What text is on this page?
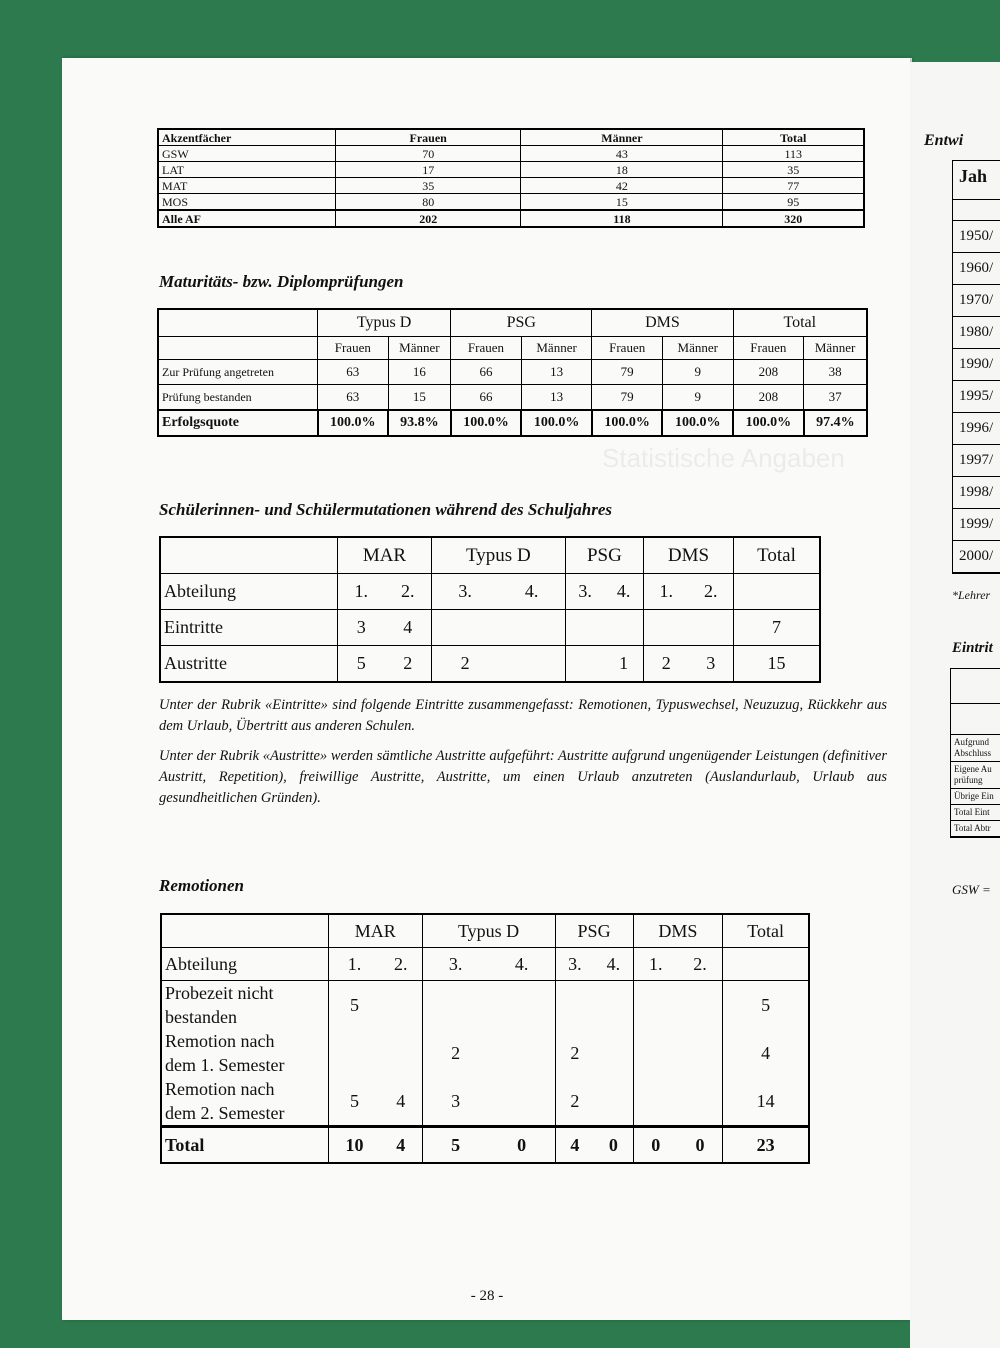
Statistische Angaben
Akzentfächer	Frauen	Männer	Total
GSW	70	43	113
LAT	17	18	35
MAT	35	42	77
MOS	80	15	95
Alle AF	202	118	320
Maturitäts- bzw. Diplomprüfungen
	Typus D		PSG		DMS		Total	
	Frauen	Männer	Frauen	Männer	Frauen	Männer	Frauen	Männer
Zur Prüfung angetreten	63	16	66	13	79	9	208	38
Prüfung bestanden	63	15	66	13	79	9	208	37
Erfolgsquote	100.0%	93.8%	100.0%	100.0%	100.0%	100.0%	100.0%	97.4%
Schülerinnen- und Schülermutationen während des Schuljahres
	MAR		Typus D		PSG		DMS		Total
Abteilung	1.	2.	3.	4.	3.	4.	1.	2.	
Eintritte	3	4							7
Austritte	5	2	2			1	2	3	15

Unter der Rubrik «Eintritte» sind folgende Eintritte zusammengefasst: Remotionen, Typuswechsel, Neuzuzug, Rückkehr aus dem Urlaub, Übertritt aus anderen Schulen.

Unter der Rubrik «Austritte» werden sämtliche Austritte aufgeführt: Austritte aufgrund ungenügender Leistungen (definitiver Austritt, Repetition), freiwillige Austritte, Austritte, um einen Urlaub anzutreten (Auslandurlaub, Urlaub aus gesundheitlichen Gründen).

Remotionen
	MAR		Typus D		PSG		DMS		Total
Abteilung	1.	2.	3.	4.	3.	4.	1.	2.	

Probezeit nicht
bestanden	5								5

Remotion nach
dem 1. Semester			2		2				4

Remotion nach
dem 2. Semester	5	4	3		2				14
Total	10	4	5	0	4	0	0	0	23
- 28 -
Entwi
Jah
1950/
1960/
1970/
1980/
1990/
1995/
1996/
1997/
1998/
1999/
2000/
*Lehrer
Eintrit
Aufgrund Abschluss
Eigene Au prüfung
Übrige Ein
Total Eint
Total Abtr
GSW =
